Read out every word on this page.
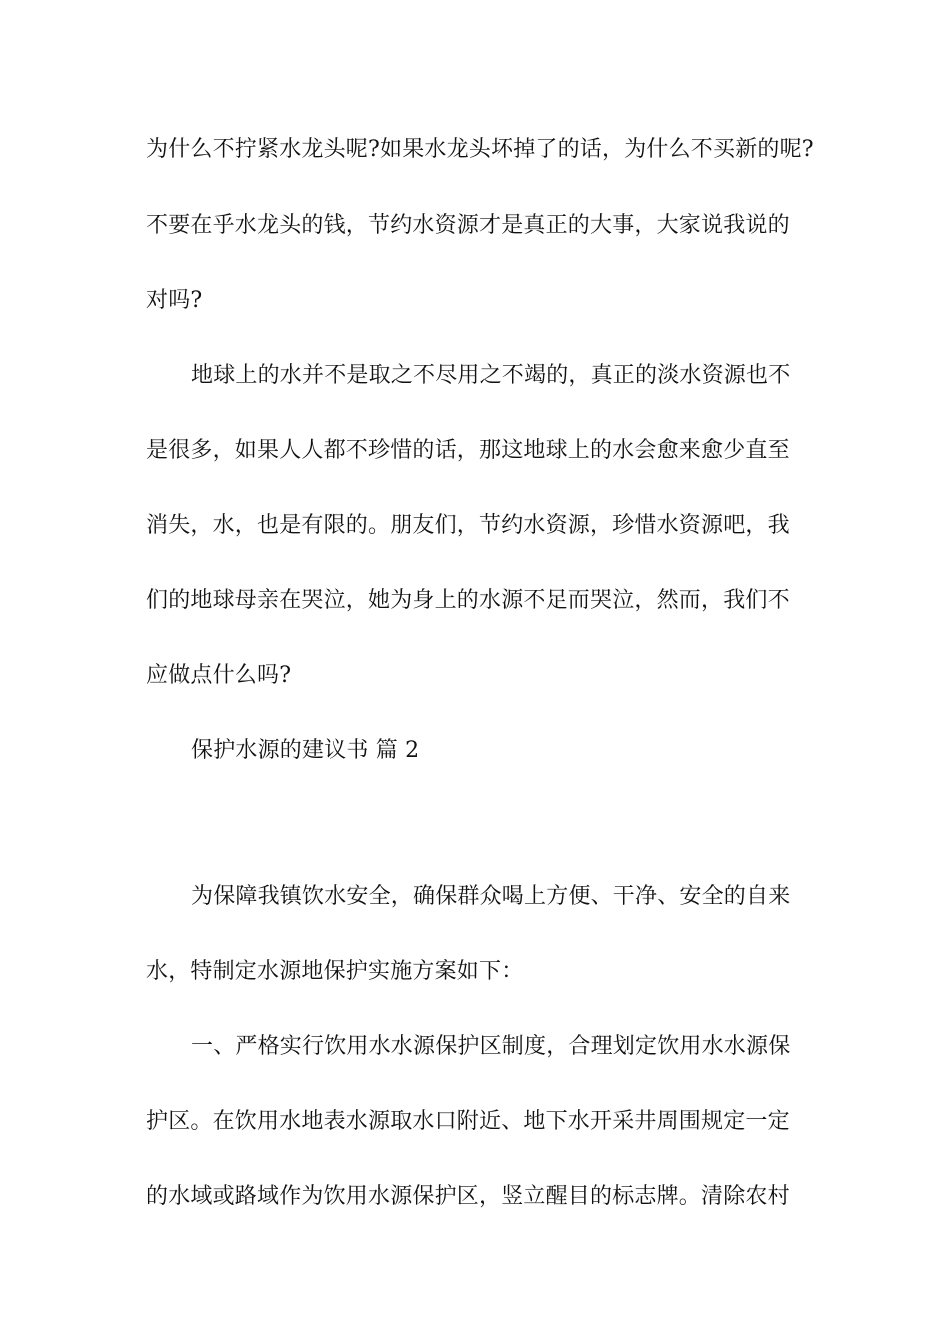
为什么不拧紧水龙头呢?如果水龙头坏掉了的话，为什么不买新的呢?
不要在乎水龙头的钱，节约水资源才是真正的大事，大家说我说的
对吗?
地球上的水并不是取之不尽用之不竭的，真正的淡水资源也不
是很多，如果人人都不珍惜的话，那这地球上的水会愈来愈少直至
消失，水，也是有限的。朋友们，节约水资源，珍惜水资源吧，我
们的地球母亲在哭泣，她为身上的水源不足而哭泣，然而，我们不
应做点什么吗?
保护水源的建议书 篇 2
为保障我镇饮水安全，确保群众喝上方便、干净、安全的自来
水，特制定水源地保护实施方案如下：
一、严格实行饮用水水源保护区制度，合理划定饮用水水源保
护区。在饮用水地表水源取水口附近、地下水开采井周围规定一定
的水域或路域作为饮用水源保护区，竖立醒目的标志牌。清除农村
